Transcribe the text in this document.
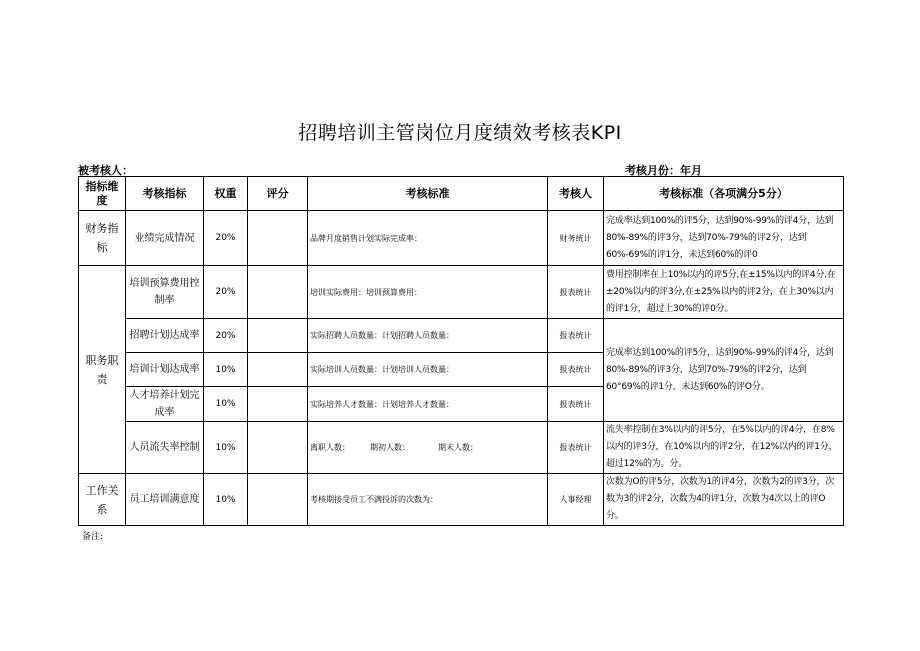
招聘培训主管岗位月度绩效考核表KPI
被考核人：	考核月份：年月
指标维度	考核指标	权重	评分	考核标准	考核人	考核标准（各项满分5分）
财务指标	业绩完成情况	20%		品牌月度销售计划实际完成率：	财务统计	完成率达到100%的评5分，达到90%-99%的评4分，达到80%-89%的评3分，达到70%-79%的评2分，达到60%-69%的评1分，未达到60%的评0
职务职责	培训预算费用控制率	20%		培训实际费用：培训预算费用：	报表统计	费用控制率在上10%以内的评5分,在±15%以内的评4分,在±20%以内的评3分,在±25%以内的评2分，在上30%以内的评1分，超过上30%的评0分。
	招聘计划达成率	20%		实际招聘人员数量：计划招聘人员数量：	报表统计	完成率达到100%的评5分，达到90%-99%的评4分，达到80%-89%的评3分，达到70%-79%的评2分，达到60°69%的评1分，未达到60%的评O分。
	培训计划达成率	10%		实际培训人员数量：计划培训人员数量：	报表统计	
	人才培养计划完成率	10%		实际培养人才数量：计划培养人才数量：	报表统计	
	人员流失率控制	10%		离职人数：　　　期初人数：　　　　期末人数：	报表统计	流失率控制在3%以内的评5分，在5%以内的评4分，在8%以内的评3分，在10%以内的评2分，在12%以内的评1分，超过12%的为。分。
工作关系	员工培训满意度	10%		考核期接受员工不满投诉的次数为：	人事经理	次数为O的评5分，次数为1的评4分，次数为2的评3分，次数为3的评2分，次数为4的评1分，次数为4次以上的评O分。
备注:
